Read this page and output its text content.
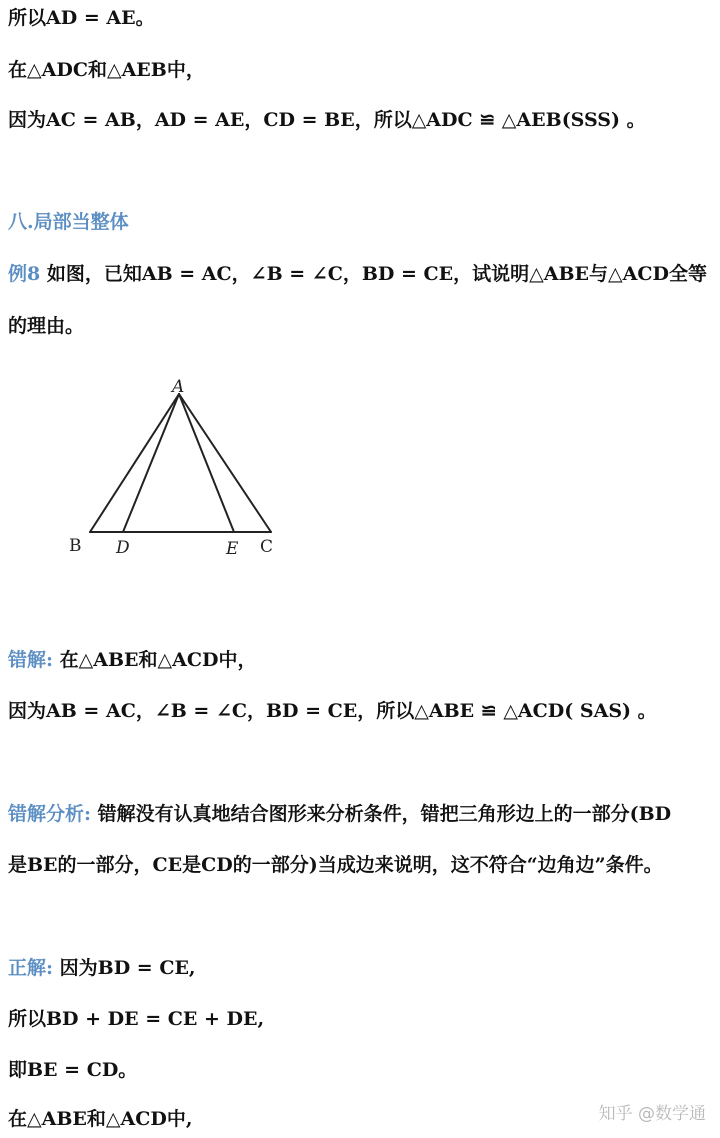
所以AD = AE。
在△ADC和△AEB中，
因为AC = AB，AD = AE，CD = BE，所以△ADC ≌ △AEB(SSS) 。
八.局部当整体
例8 如图，已知AB = AC，∠B = ∠C，BD = CE，试说明△ABE与△ACD全等
的理由。
A
B D	E C
错解: 在△ABE和△ACD中，
因为AB = AC，∠B = ∠C，BD = CE，所以△ABE ≌ △ACD( SAS) 。
错解分析: 错解没有认真地结合图形来分析条件，错把三角形边上的一部分(BD
是BE的一部分，CE是CD的一部分)当成边来说明，这不符合“边角边”条件。
正解: 因为BD = CE,
所以BD + DE = CE + DE,
即BE = CD。
在△ABE和△ACD中,	知乎 @数学通
